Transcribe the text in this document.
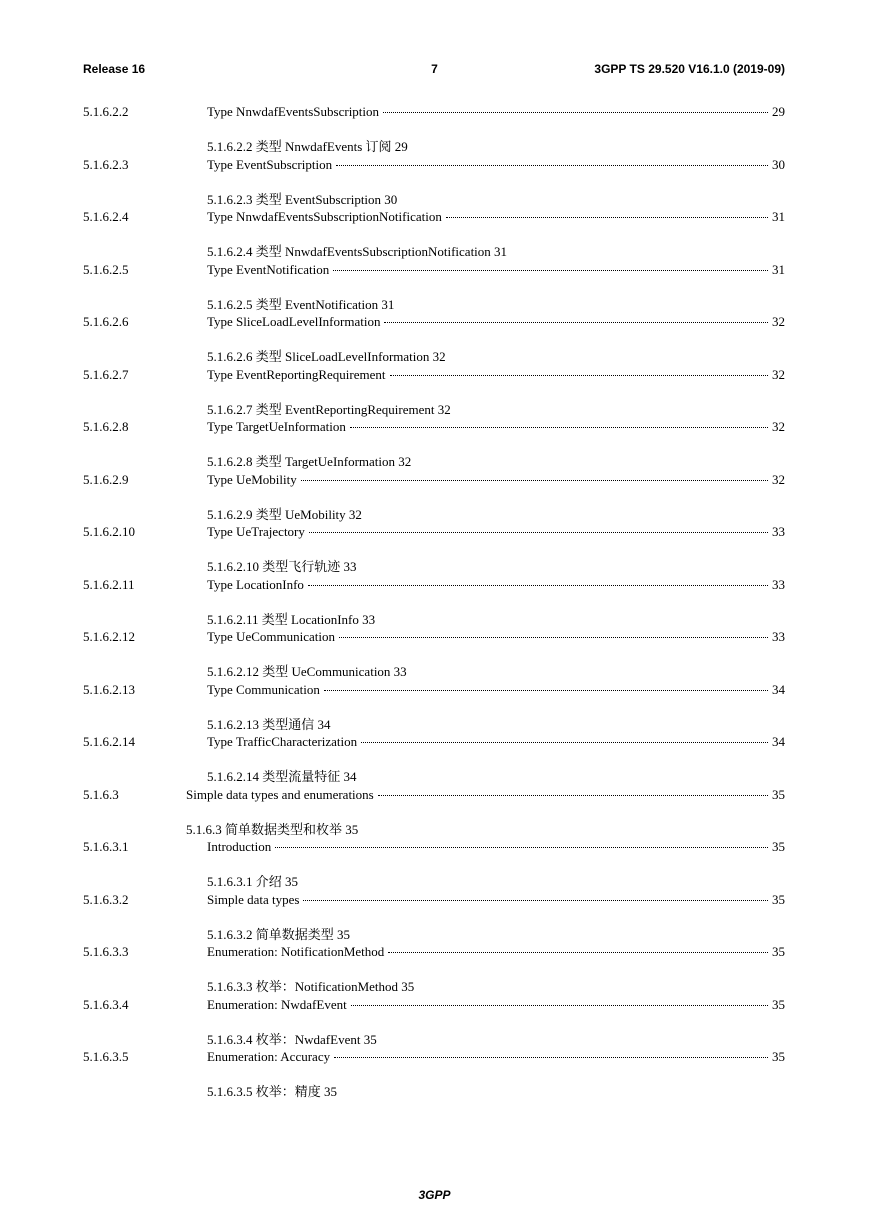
Release 16	7	3GPP TS 29.520 V16.1.0 (2019-09)
5.1.6.2.2	Type NnwdafEventsSubscription	29
5.1.6.2.2 类型 NnwdafEvents 订阅 29
5.1.6.2.3	Type EventSubscription	30
5.1.6.2.3 类型 EventSubscription 30
5.1.6.2.4	Type NnwdafEventsSubscriptionNotification	31
5.1.6.2.4 类型 NnwdafEventsSubscriptionNotification 31
5.1.6.2.5	Type EventNotification	31
5.1.6.2.5 类型 EventNotification 31
5.1.6.2.6	Type SliceLoadLevelInformation	32
5.1.6.2.6 类型 SliceLoadLevelInformation 32
5.1.6.2.7	Type EventReportingRequirement	32
5.1.6.2.7 类型 EventReportingRequirement 32
5.1.6.2.8	Type TargetUeInformation	32
5.1.6.2.8 类型 TargetUeInformation 32
5.1.6.2.9	Type UeMobility	32
5.1.6.2.9 类型 UeMobility 32
5.1.6.2.10	Type UeTrajectory	33
5.1.6.2.10 类型飞行轨迹 33
5.1.6.2.11	Type LocationInfo	33
5.1.6.2.11 类型 LocationInfo 33
5.1.6.2.12	Type UeCommunication	33
5.1.6.2.12 类型 UeCommunication 33
5.1.6.2.13	Type Communication	34
5.1.6.2.13 类型通信 34
5.1.6.2.14	Type TrafficCharacterization	34
5.1.6.2.14 类型流量特征 34
5.1.6.3	Simple data types and enumerations	35
5.1.6.3 简单数据类型和枚举 35
5.1.6.3.1	Introduction	35
5.1.6.3.1 介绍 35
5.1.6.3.2	Simple data types	35
5.1.6.3.2 简单数据类型 35
5.1.6.3.3	Enumeration: NotificationMethod	35
5.1.6.3.3 枚举：NotificationMethod 35
5.1.6.3.4	Enumeration: NwdafEvent	35
5.1.6.3.4 枚举：NwdafEvent 35
5.1.6.3.5	Enumeration: Accuracy	35
5.1.6.3.5 枚举：精度 35
3GPP
